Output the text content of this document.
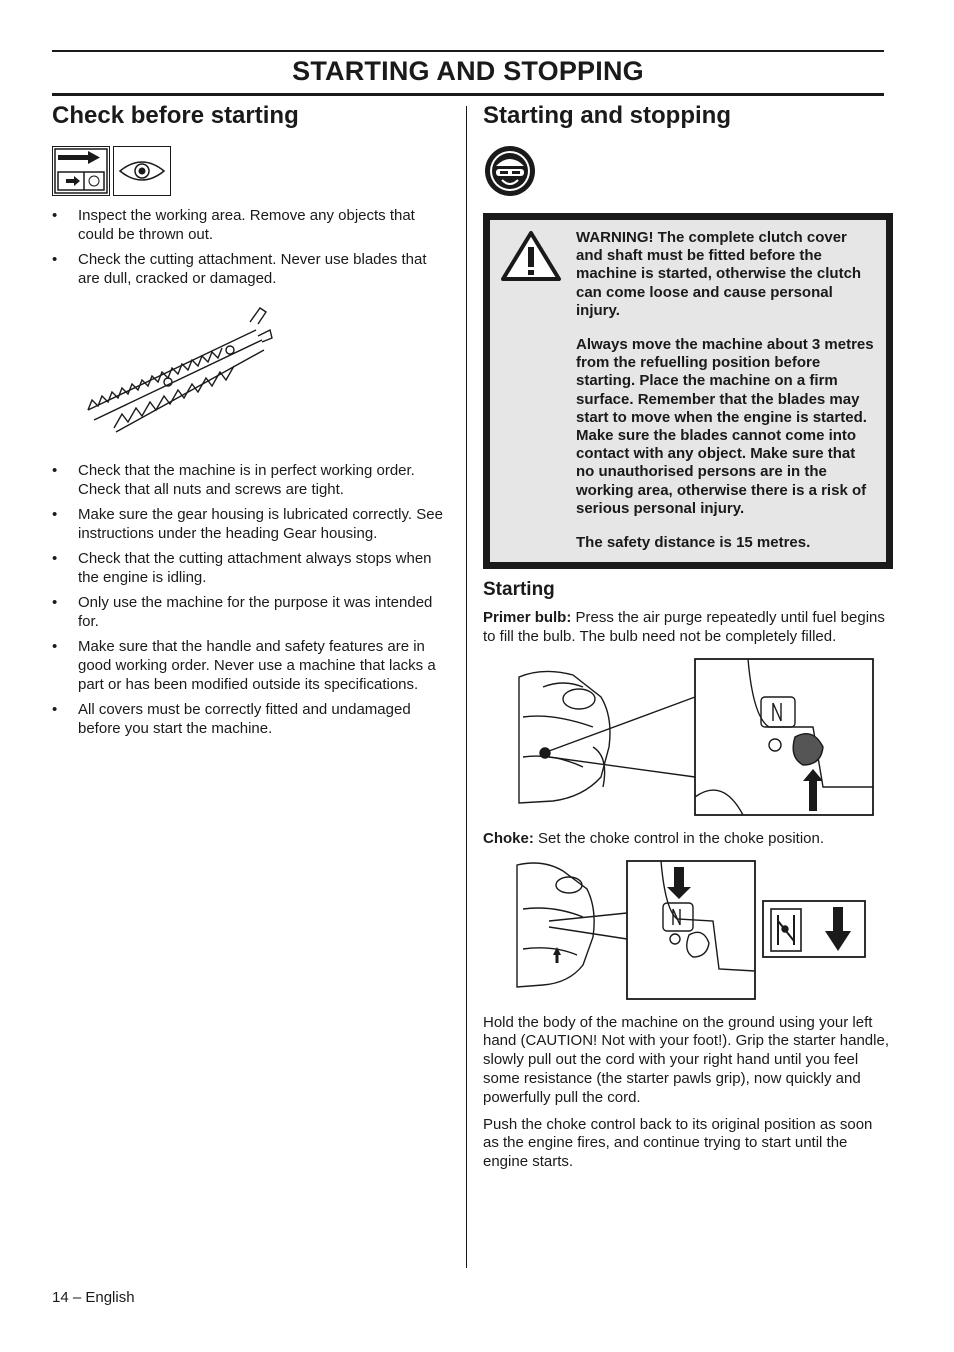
STARTING AND STOPPING
Check before starting
• Inspect the working area. Remove any objects that could be thrown out.
• Check the cutting attachment. Never use blades that are dull, cracked or damaged.
• Check that the machine is in perfect working order. Check that all nuts and screws are tight.
• Make sure the gear housing is lubricated correctly. See instructions under the heading Gear housing.
• Check that the cutting attachment always stops when the engine is idling.
• Only use the machine for the purpose it was intended for.
• Make sure that the handle and safety features are in good working order. Never use a machine that lacks a part or has been modified outside its specifications.
• All covers must be correctly fitted and undamaged before you start the machine.
Starting and stopping

WARNING! The complete clutch cover and shaft must be fitted before the machine is started, otherwise the clutch can come loose and cause personal injury.

Always move the machine about 3 metres from the refuelling position before starting. Place the machine on a firm surface. Remember that the blades may start to move when the engine is started. Make sure the blades cannot come into contact with any object. Make sure that no unauthorised persons are in the working area, otherwise there is a risk of serious personal injury.

The safety distance is 15 metres.

Starting
Primer bulb: Press the air purge repeatedly until fuel begins to fill the bulb. The bulb need not be completely filled.
Choke: Set the choke control in the choke position.
Hold the body of the machine on the ground using your left hand (CAUTION! Not with your foot!). Grip the starter handle, slowly pull out the cord with your right hand until you feel some resistance (the starter pawls grip), now quickly and powerfully pull the cord.
Push the choke control back to its original position as soon as the engine fires, and continue trying to start until the engine starts.
14 – English
